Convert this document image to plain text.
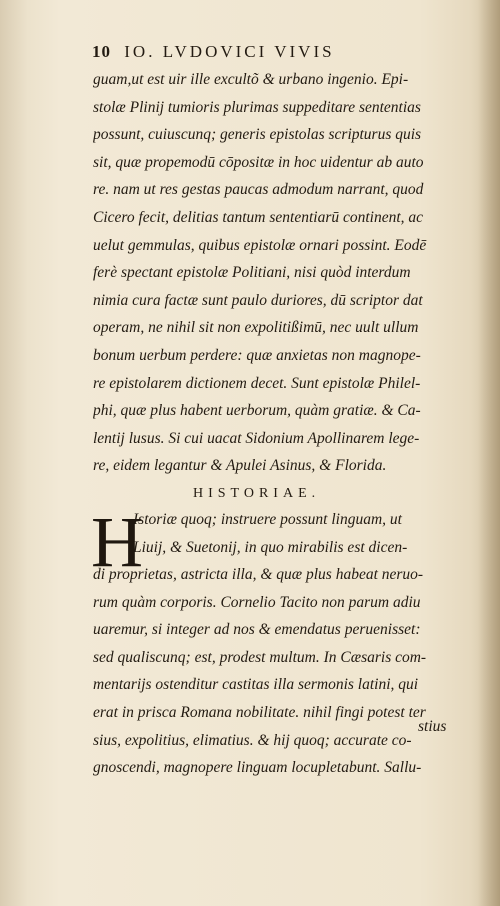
10 IO. LVDOVICI VIVIS
guam,ut est uir ille excultõ & urbano ingenio. Epi-
stolæ Plinij tumioris plurimas suppeditare sententias
possunt, cuiuscunq; generis epistolas scripturus quis
sit, quæ propemodū cōpositæ in hoc uidentur ab auto
re. nam ut res gestas paucas admodum narrant, quod
Cicero fecit, delitias tantum sententiarū continent, ac
uelut gemmulas, quibus epistolæ ornari possint. Eodē
ferè spectant epistolæ Politiani, nisi quòd interdum
nimia cura factæ sunt paulo duriores, dū scriptor dat
operam, ne nihil sit non expolitißimū, nec uult ullum
bonum uerbum perdere: quæ anxietas non magnope-
re epistolarem dictionem decet. Sunt epistolæ Philel-
phi, quæ plus habent uerborum, quàm gratiæ. & Ca-
lentij lusus. Si cui uacat Sidonium Apollinarem lege-
re, eidem legantur & Apulei Asinus, & Florida.
HISTORIAE.
H
Istoriæ quoq; instruere possunt linguam, ut
Liuij, & Suetonij, in quo mirabilis est dicen-
di proprietas, astricta illa, & quæ plus habeat neruo-
rum quàm corporis. Cornelio Tacito non parum adiu
uaremur, si integer ad nos & emendatus peruenisset:
sed qualiscunq; est, prodest multum. In Cæsaris com-
mentarijs ostenditur castitas illa sermonis latini, qui
erat in prisca Romana nobilitate. nihil fingi potest ter
sius, expolitius, elimatius. & hij quoq; accurate co-
gnoscendi, magnopere linguam locupletabunt. Sallu-
stius
